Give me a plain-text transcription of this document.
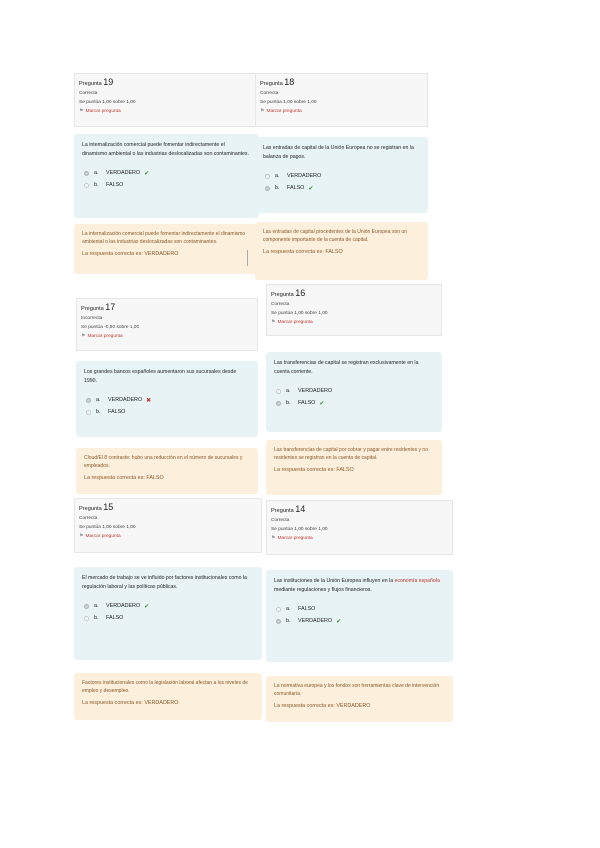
Pregunta 19
Correcta
Se puntúa 1,00 sobre 1,00
⚑ Marcar pregunta
La internalización comercial puede fomentar indirectamente el dinamismo ambiental o las industrias deslocalizadas son contaminantes.
a.	VERDADERO ✔
b.	FALSO
La internalización comercial puede fomentar indirectamente el dinamismo ambiental o las industrias deslocalizadas son contaminantes.
La respuesta correcta es: VERDADERO
Pregunta 18
Correcta
Se puntúa 1,00 sobre 1,00
⚑ Marcar pregunta
Las entradas de capital de la Unión Europea no se registran en la balanza de pagos.
a.	VERDADERO
b.	FALSO ✔
Las entradas de capital procedentes de la Unión Europea son un componente importante de la cuenta de capital.
La respuesta correcta es: FALSO
Pregunta 17
Incorrecta
Se puntúa -0,50 sobre 1,00
⚑ Marcar pregunta
Los grandes bancos españoles aumentaron sus sucursales desde 1990.
a.	VERDADERO ✖
b.	FALSO
Cloud/El 8 contraste: hubo una reducción en el número de sucursales y empleados.
La respuesta correcta es: FALSO
Pregunta 16
Correcta
Se puntúa 1,00 sobre 1,00
⚑ Marcar pregunta
Las transferencias de capital se registran exclusivamente en la cuenta corriente.
a.	VERDADERO
b.	FALSO ✔
Las transferencias de capital por cobrar y pagar entre residentes y no residentes se registran en la cuenta de capital.
La respuesta correcta es: FALSO
Pregunta 15
Correcta
Se puntúa 1,00 sobre 1,00
⚑ Marcar pregunta
El mercado de trabajo se ve influido por factores institucionales como la regulación laboral y las políticas públicas.
a.	VERDADERO ✔
b.	FALSO
Factores institucionales como la legislación laboral afectan a los niveles de empleo y desempleo.
La respuesta correcta es: VERDADERO
Pregunta 14
Correcta
Se puntúa 1,00 sobre 1,00
⚑ Marcar pregunta
Las instituciones de la Unión Europea influyen en la economía española mediante regulaciones y flujos financieros.
a.	FALSO
b.	VERDADERO ✔
La normativa europea y los fondos son herramientas clave de intervención comunitaria.
La respuesta correcta es: VERDADERO
